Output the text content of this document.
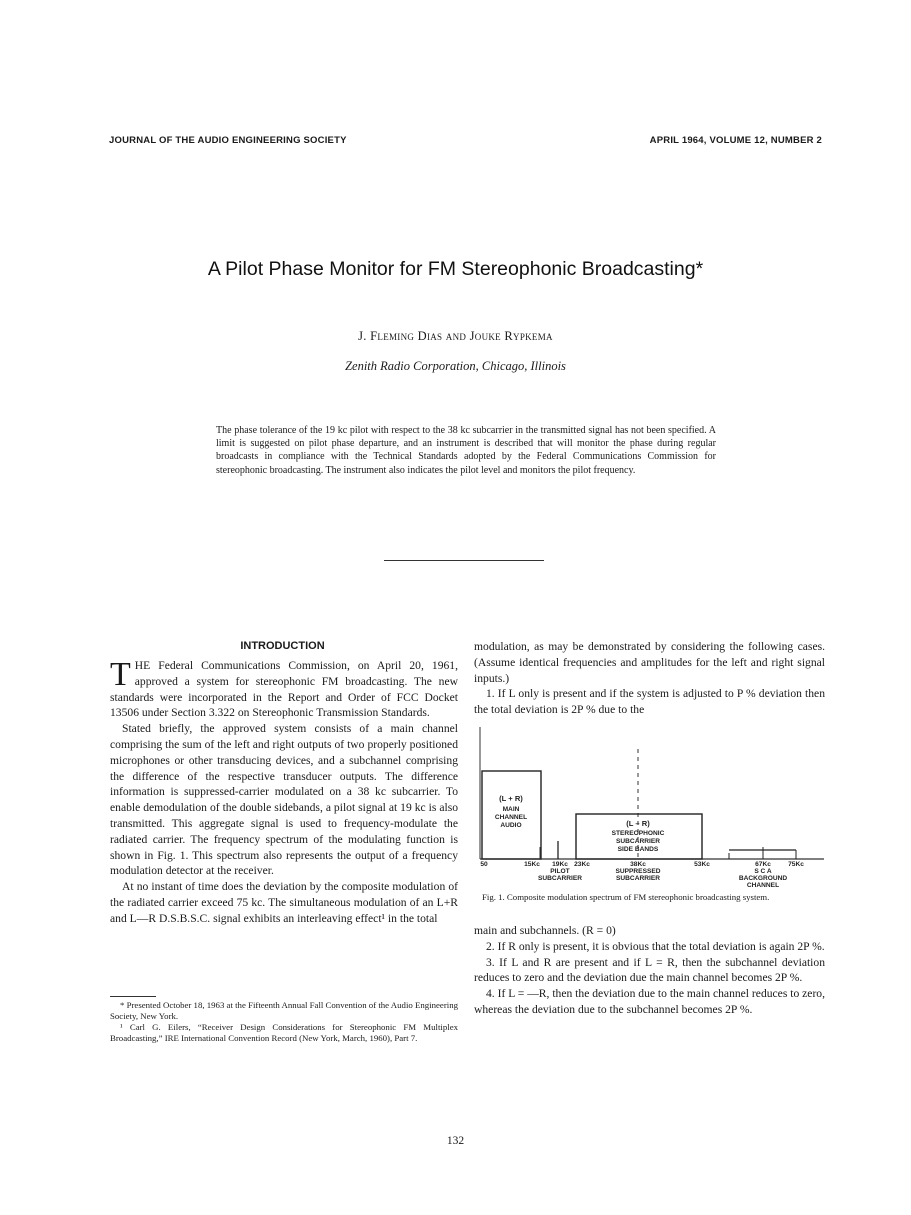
JOURNAL OF THE AUDIO ENGINEERING SOCIETY	APRIL 1964, VOLUME 12, NUMBER 2
A Pilot Phase Monitor for FM Stereophonic Broadcasting*
J. Fleming Dias and Jouke Rypkema
Zenith Radio Corporation, Chicago, Illinois
The phase tolerance of the 19 kc pilot with respect to the 38 kc subcarrier in the transmitted signal has not been specified. A limit is suggested on pilot phase departure, and an instrument is described that will monitor the phase during regular broadcasts in compliance with the Technical Standards adopted by the Federal Communications Commission for stereophonic broadcasting. The instrument also indicates the pilot level and monitors the pilot frequency.
INTRODUCTION

T HE Federal Communications Commission, on April 20, 1961, approved a system for stereophonic FM broadcasting. The new standards were incorporated in the Report and Order of FCC Docket 13506 under Section 3.322 on Stereophonic Transmission Standards.

Stated briefly, the approved system consists of a main channel comprising the sum of the left and right outputs of two properly positioned microphones or other transducing devices, and a subchannel comprising the difference of the respective transducer outputs. The difference information is suppressed-carrier modulated on a 38 kc subcarrier. To enable demodulation of the double sidebands, a pilot signal at 19 kc is also transmitted. This aggregate signal is used to frequency-modulate the radiated carrier. The frequency spectrum of the modulating function is shown in Fig. 1. This spectrum also represents the output of a frequency modulation detector at the receiver.

At no instant of time does the deviation by the composite modulation of the radiated carrier exceed 75 kc. The simultaneous modulation of an L+R and L—R D.S.B.S.C. signal exhibits an interleaving effect¹ in the total

* Presented October 18, 1963 at the Fifteenth Annual Fall Convention of the Audio Engineering Society, New York.

¹ Carl G. Eilers, “Receiver Design Considerations for Stereophonic FM Multiplex Broadcasting,” IRE International Convention Record (New York, March, 1960), Part 7.

modulation, as may be demonstrated by considering the following cases. (Assume identical frequencies and amplitudes for the left and right signal inputs.)

1. If L only is present and if the system is adjusted to P % deviation then the total deviation is 2P % due to the

(L + R)
MAIN
CHANNEL
AUDIO	(L – R)
STEREOPHONIC
SUBCARRIER
SIDE BANDS
50	15Kc 19Kc 23Kc	38Kc	53Kc	67Kc	75Kc
PILOT
SUBCARRIER
SUPPRESSED
SUBCARRIER
S C A
BACKGROUND
CHANNEL
Fig. 1. Composite modulation spectrum of FM stereophonic broadcasting system.

main and subchannels. (R = 0)

2. If R only is present, it is obvious that the total deviation is again 2P %.

3. If L and R are present and if L = R, then the subchannel deviation reduces to zero and the deviation due the main channel becomes 2P %.

4. If L = —R, then the deviation due to the main channel reduces to zero, whereas the deviation due to the subchannel becomes 2P %.

132
